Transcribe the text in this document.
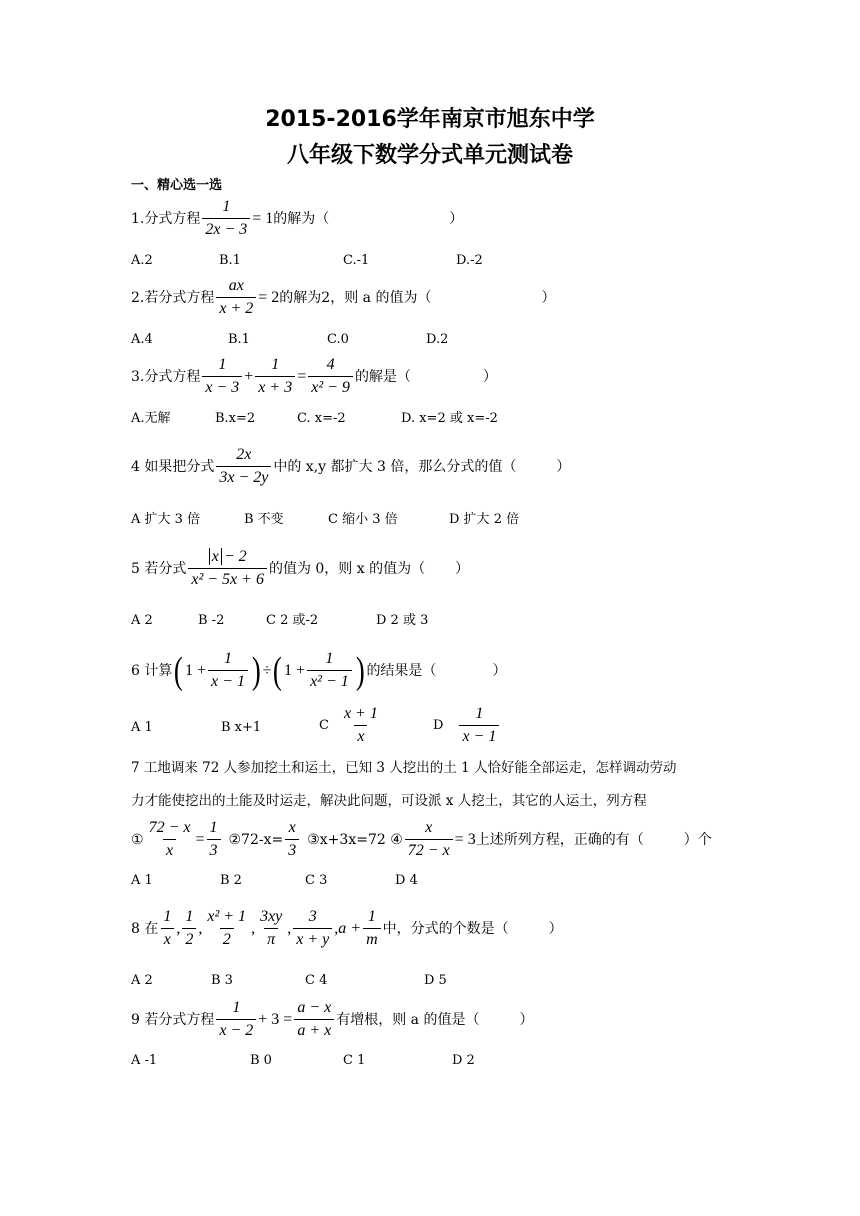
2015-2016学年南京市旭东中学
八年级下数学分式单元测试卷
一、精心选一选
1.分式方程 $\frac{1}{2x - 3} = 1$ 的解为（	）
A.2	B.1	C.-1	D.-2
2.若分式方程 $\frac{ax}{x + 2} = 2$ 的解为2，则 a 的值为（	）
A.4	B.1	C.0	D.2
3.分式方程 $\frac{1}{x - 3} + \frac{1}{x + 3} = \frac{4}{\text{x² − 9}}$ 的解是（	）
A.无解	B.x=2	C. x=-2	D. x=2 或 x=-2
4 如果把分式 $\frac{2x}{3x - 2y}$ 中的 x,y 都扩大 3 倍，那么分式的值（	）
A 扩大 3 倍	B 不变	C 缩小 3 倍	D 扩大 2 倍
5 若分式 $\frac{x - 2}{\text{x² − 5x + 6}}$ 的值为 0，则 x 的值为（ ）
A 2	B -2	C 2 或-2	D 2 或 3
6 计算 ( $1 + \frac{1}{x - 1}$ ) ÷ ( $1 + \frac{1}{\text{x² − 1}}$ ) 的结果是（	）
A 1	B x+1	C $\frac{x + 1}{x}$	D $\frac{1}{x - 1}$
7 工地调来 72 人参加挖土和运土，已知 3 人挖出的土 1 人恰好能全部运走，怎样调动劳动
力才能使挖出的土能及时运走，解决此问题，可设派 x 人挖土，其它的人运土，列方程
① $\frac{72 - x}{x} = \frac{1}{3}$ ②72-x= $\frac{x}{3}$ ③x+3x=72 ④ $\frac{x}{72 - x} = 3$ 上述所列方程，正确的有（	）个
A 1	B 2	C 3	D 4
8 在 $\frac{1}{x}$ , $\frac{1}{2}$ , $\frac{\text{x² + 1}}{2}$ , $\frac{3xy}{\pi}$ , $\frac{3}{x + y}$ , $a + \frac{1}{m}$ 中，分式的个数是（	）
A 2	B 3	C 4	D 5
9 若分式方程 $\frac{1}{x - 2} + 3 = \frac{a - x}{a + x}$ 有增根，则 a 的值是（	）
A -1	B 0	C 1	D 2
